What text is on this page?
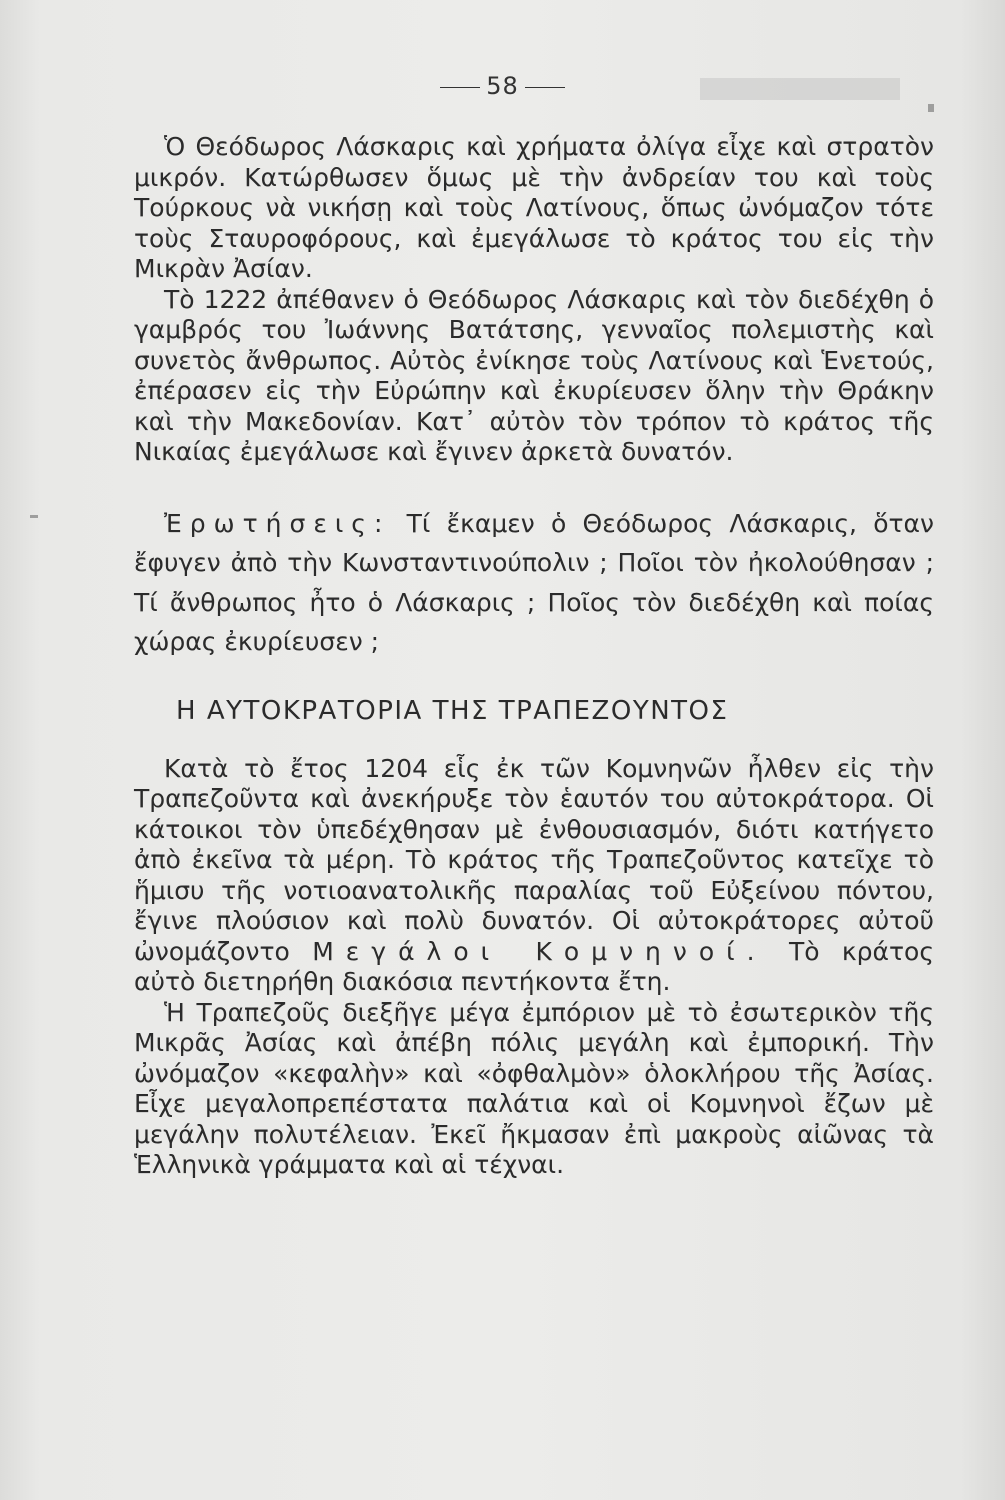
58

Ὁ Θεόδωρος Λάσκαρις καὶ χρήματα ὀλίγα εἶχε καὶ στρατὸν μικρόν. Κατώρθωσεν ὅμως μὲ τὴν ἀνδρείαν του καὶ τοὺς Τούρκους νὰ νικήσῃ καὶ τοὺς Λατίνους, ὅπως ὠνόμαζον τότε τοὺς Σταυροφόρους, καὶ ἐμεγάλωσε τὸ κράτος του εἰς τὴν Μικρὰν Ἀσίαν.

Τὸ 1222 ἀπέθανεν ὁ Θεόδωρος Λάσκαρις καὶ τὸν διεδέχθη ὁ γαμβρός του Ἰωάννης Βατάτσης, γενναῖος πολεμιστὴς καὶ συνετὸς ἄνθρωπος. Αὐτὸς ἐνίκησε τοὺς Λατίνους καὶ Ἑνετούς, ἐπέρασεν εἰς τὴν Εὐρώπην καὶ ἐκυρίευσεν ὅλην τὴν Θράκην καὶ τὴν Μακεδονίαν. Κατ᾿ αὐτὸν τὸν τρόπον τὸ κράτος τῆς Νικαίας ἐμεγάλωσε καὶ ἔγινεν ἀρκετὰ δυνατόν.

Ἐρωτήσεις: Τί ἔκαμεν ὁ Θεόδωρος Λάσκαρις, ὅταν ἔφυγεν ἀπὸ τὴν Κωνσταντινούπολιν ; Ποῖοι τὸν ἠκολούθησαν ; Τί ἄνθρωπος ἦτο ὁ Λάσκαρις ; Ποῖος τὸν διεδέχθη καὶ ποίας χώρας ἐκυρίευσεν ;

Η ΑΥΤΟΚΡΑΤΟΡΙΑ ΤΗΣ ΤΡΑΠΕΖΟΥΝΤΟΣ

Κατὰ τὸ ἔτος 1204 εἷς ἐκ τῶν Κομνηνῶν ἦλθεν εἰς τὴν Τραπεζοῦντα καὶ ἀνεκήρυξε τὸν ἑαυτόν του αὐτοκράτορα. Οἱ κάτοικοι τὸν ὑπεδέχθησαν μὲ ἐνθουσιασμόν, διότι κατήγετο ἀπὸ ἐκεῖνα τὰ μέρη. Τὸ κράτος τῆς Τραπεζοῦντος κατεῖχε τὸ ἥμισυ τῆς νοτιοανατολικῆς παραλίας τοῦ Εὐξείνου πόντου, ἔγινε πλούσιον καὶ πολὺ δυνατόν. Οἱ αὐτοκράτορες αὐτοῦ ὠνομάζοντο Μεγάλοι Κομνηνοί. Τὸ κράτος αὐτὸ διετηρήθη διακόσια πεντήκοντα ἔτη.

Ἡ Τραπεζοῦς διεξῆγε μέγα ἐμπόριον μὲ τὸ ἐσωτερικὸν τῆς Μικρᾶς Ἀσίας καὶ ἀπέβη πόλις μεγάλη καὶ ἐμπορική. Τὴν ὠνόμαζον «κεφαλὴν» καὶ «ὀφθαλμὸν» ὁλοκλήρου τῆς Ἀσίας. Εἶχε μεγαλοπρεπέστατα παλάτια καὶ οἱ Κομνηνοὶ ἔζων μὲ μεγάλην πολυτέλειαν. Ἐκεῖ ἤκμασαν ἐπὶ μακροὺς αἰῶνας τὰ Ἑλληνικὰ γράμματα καὶ αἱ τέχναι.
